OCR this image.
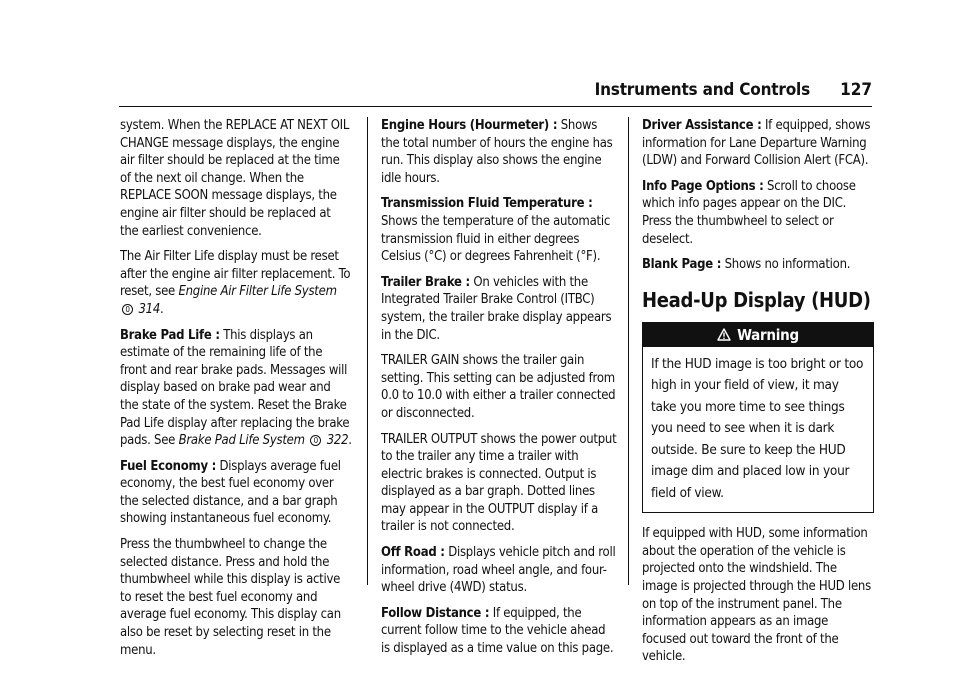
Instruments and Controls 127

system. When the REPLACE AT NEXT OIL CHANGE message displays, the engine air filter should be replaced at the time of the next oil change. When the REPLACE SOON message displays, the engine air filter should be replaced at the earliest convenience.

The Air Filter Life display must be reset after the engine air filter replacement. To reset, see Engine Air Filter Life System 0 314.

Brake Pad Life : This displays an estimate of the remaining life of the front and rear brake pads. Messages will display based on brake pad wear and the state of the system. Reset the Brake Pad Life display after replacing the brake pads. See Brake Pad Life System 0 322.

Fuel Economy : Displays average fuel economy, the best fuel economy over the selected distance, and a bar graph showing instantaneous fuel economy.

Press the thumbwheel to change the selected distance. Press and hold the thumbwheel while this display is active to reset the best fuel economy and average fuel economy. This display can also be reset by selecting reset in the menu.

Engine Hours (Hourmeter) : Shows the total number of hours the engine has run. This display also shows the engine idle hours.

Transmission Fluid Temperature : Shows the temperature of the automatic transmission fluid in either degrees Celsius (°C) or degrees Fahrenheit (°F).

Trailer Brake : On vehicles with the Integrated Trailer Brake Control (ITBC) system, the trailer brake display appears in the DIC.

TRAILER GAIN shows the trailer gain setting. This setting can be adjusted from 0.0 to 10.0 with either a trailer connected or disconnected.

TRAILER OUTPUT shows the power output to the trailer any time a trailer with electric brakes is connected. Output is displayed as a bar graph. Dotted lines may appear in the OUTPUT display if a trailer is not connected.

Off Road : Displays vehicle pitch and roll information, road wheel angle, and four-wheel drive (4WD) status.

Follow Distance : If equipped, the current follow time to the vehicle ahead is displayed as a time value on this page.

Driver Assistance : If equipped, shows information for Lane Departure Warning (LDW) and Forward Collision Alert (FCA).

Info Page Options : Scroll to choose which info pages appear on the DIC. Press the thumbwheel to select or deselect.

Blank Page : Shows no information.

Head-Up Display (HUD)
Warning
If the HUD image is too bright or too high in your field of view, it may take you more time to see things you need to see when it is dark outside. Be sure to keep the HUD image dim and placed low in your field of view.

If equipped with HUD, some information about the operation of the vehicle is projected onto the windshield. The image is projected through the HUD lens on top of the instrument panel. The information appears as an image focused out toward the front of the vehicle.
